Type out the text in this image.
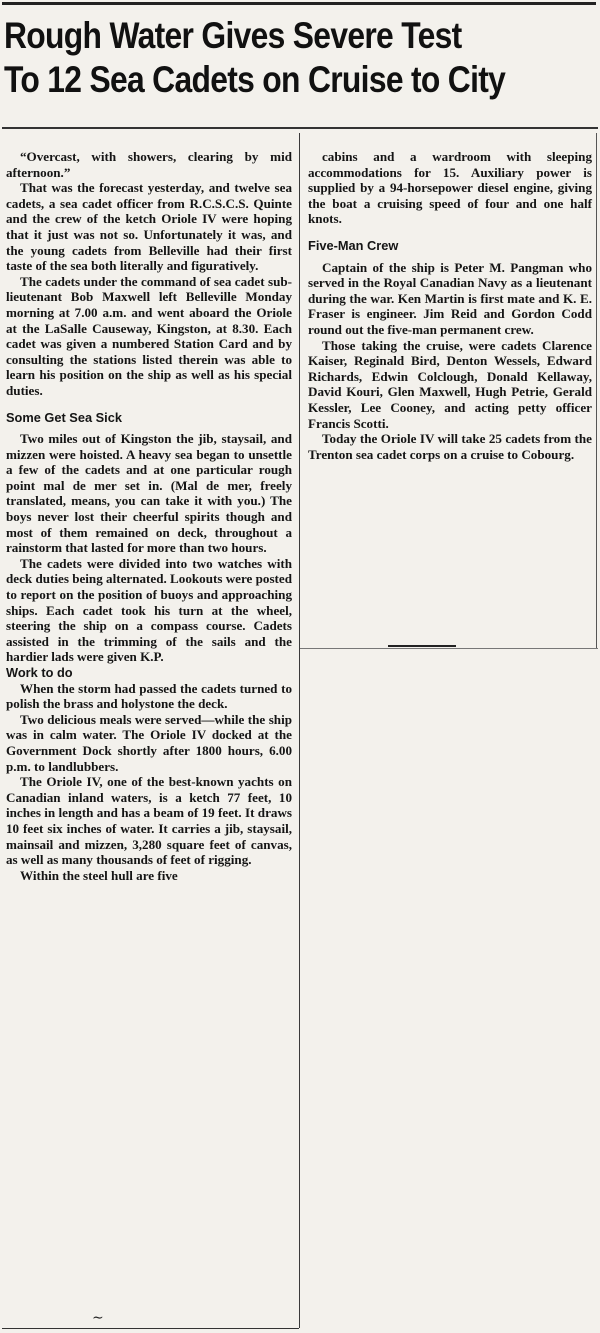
Rough Water Gives Severe Test
To 12 Sea Cadets on Cruise to City

“Overcast, with showers, clearing by mid afternoon.”

That was the forecast yesterday, and twelve sea cadets, a sea cadet officer from R.C.S.C.S. Quinte and the crew of the ketch Oriole IV were hoping that it just was not so. Unfortunately it was, and the young cadets from Belleville had their first taste of the sea both literally and figuratively.

The cadets under the command of sea cadet sub-lieutenant Bob Maxwell left Belleville Monday morning at 7.00 a.m. and went aboard the Oriole at the LaSalle Causeway, Kingston, at 8.30. Each cadet was given a numbered Station Card and by consulting the stations listed therein was able to learn his position on the ship as well as his special duties.

Some Get Sea Sick

Two miles out of Kingston the jib, staysail, and mizzen were hoisted. A heavy sea began to unsettle a few of the cadets and at one particular rough point mal de mer set in. (Mal de mer, freely translated, means, you can take it with you.) The boys never lost their cheerful spirits though and most of them remained on deck, throughout a rainstorm that lasted for more than two hours.

The cadets were divided into two watches with deck duties being alternated. Lookouts were posted to report on the position of buoys and approaching ships. Each cadet took his turn at the wheel, steering the ship on a compass course. Cadets assisted in the trimming of the sails and the hardier lads were given K.P.

Work to do

When the storm had passed the cadets turned to polish the brass and holystone the deck.

Two delicious meals were served—while the ship was in calm water. The Oriole IV docked at the Government Dock shortly after 1800 hours, 6.00 p.m. to landlubbers.

The Oriole IV, one of the best-known yachts on Canadian inland waters, is a ketch 77 feet, 10 inches in length and has a beam of 19 feet. It draws 10 feet six inches of water. It carries a jib, staysail, mainsail and mizzen, 3,280 square feet of canvas, as well as many thousands of feet of rigging.

Within the steel hull are five

cabins and a wardroom with sleeping accommodations for 15. Auxiliary power is supplied by a 94-horsepower diesel engine, giving the boat a cruising speed of four and one half knots.

Five-Man Crew

Captain of the ship is Peter M. Pangman who served in the Royal Canadian Navy as a lieutenant during the war. Ken Martin is first mate and K. E. Fraser is engineer. Jim Reid and Gordon Codd round out the five-man permanent crew.

Those taking the cruise, were cadets Clarence Kaiser, Reginald Bird, Denton Wessels, Edward Richards, Edwin Colclough, Donald Kellaway, David Kouri, Glen Maxwell, Hugh Petrie, Gerald Kessler, Lee Cooney, and acting petty officer Francis Scotti.

Today the Oriole IV will take 25 cadets from the Trenton sea cadet corps on a cruise to Cobourg.

∼
